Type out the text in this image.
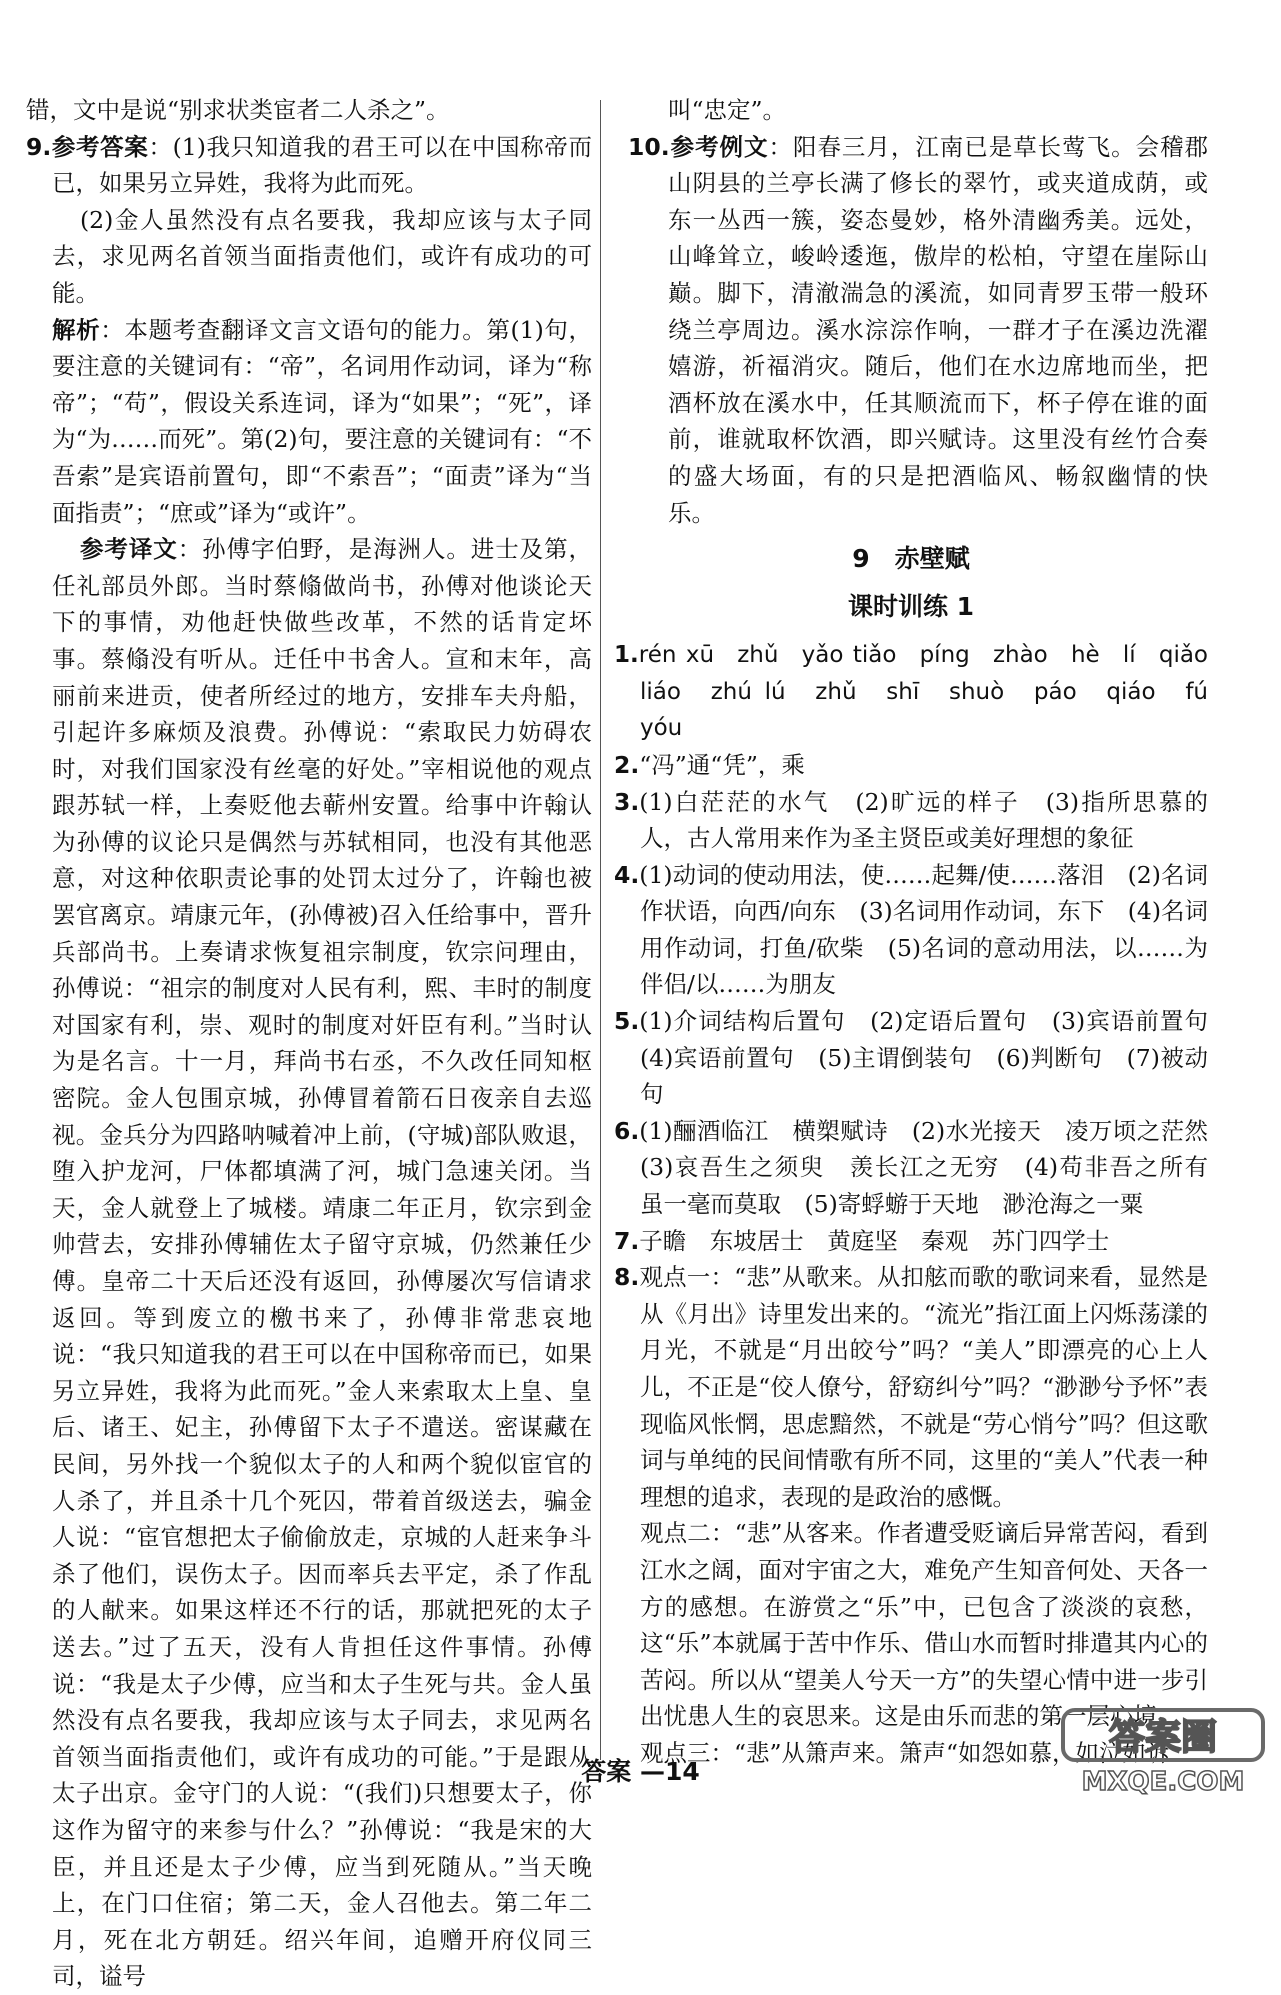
错，文中是说“别求状类宦者二人杀之”。

9.参考答案：(1)我只知道我的君王可以在中国称帝而已，如果另立异姓，我将为此而死。

(2)金人虽然没有点名要我，我却应该与太子同去，求见两名首领当面指责他们，或许有成功的可能。

解析：本题考查翻译文言文语句的能力。第(1)句，要注意的关键词有：“帝”，名词用作动词，译为“称帝”；“苟”，假设关系连词，译为“如果”；“死”，译为“为……而死”。第(2)句，要注意的关键词有：“不吾索”是宾语前置句，即“不索吾”；“面责”译为“当面指责”；“庶或”译为“或许”。

参考译文：孙傅字伯野，是海洲人。进士及第，任礼部员外郎。当时蔡翛做尚书，孙傅对他谈论天下的事情，劝他赶快做些改革，不然的话肯定坏事。蔡翛没有听从。迁任中书舍人。宣和末年，高丽前来进贡，使者所经过的地方，安排车夫舟船，引起许多麻烦及浪费。孙傅说：“索取民力妨碍农时，对我们国家没有丝毫的好处。”宰相说他的观点跟苏轼一样，上奏贬他去蕲州安置。给事中许翰认为孙傅的议论只是偶然与苏轼相同，也没有其他恶意，对这种依职责论事的处罚太过分了，许翰也被罢官离京。靖康元年，(孙傅被)召入任给事中，晋升兵部尚书。上奏请求恢复祖宗制度，钦宗问理由，孙傅说：“祖宗的制度对人民有利，熙、丰时的制度对国家有利，崇、观时的制度对奸臣有利。”当时认为是名言。十一月，拜尚书右丞，不久改任同知枢密院。金人包围京城，孙傅冒着箭石日夜亲自去巡视。金兵分为四路呐喊着冲上前，(守城)部队败退，堕入护龙河，尸体都填满了河，城门急速关闭。当天，金人就登上了城楼。靖康二年正月，钦宗到金帅营去，安排孙傅辅佐太子留守京城，仍然兼任少傅。皇帝二十天后还没有返回，孙傅屡次写信请求返回。等到废立的檄书来了，孙傅非常悲哀地说：“我只知道我的君王可以在中国称帝而已，如果另立异姓，我将为此而死。”金人来索取太上皇、皇后、诸王、妃主，孙傅留下太子不遣送。密谋藏在民间，另外找一个貌似太子的人和两个貌似宦官的人杀了，并且杀十几个死囚，带着首级送去，骗金人说：“宦官想把太子偷偷放走，京城的人赶来争斗杀了他们，误伤太子。因而率兵去平定，杀了作乱的人献来。如果这样还不行的话，那就把死的太子送去。”过了五天，没有人肯担任这件事情。孙傅说：“我是太子少傅，应当和太子生死与共。金人虽然没有点名要我，我却应该与太子同去，求见两名首领当面指责他们，或许有成功的可能。”于是跟从太子出京。金守门的人说：“(我们)只想要太子，你这作为留守的来参与什么？”孙傅说：“我是宋的大臣，并且还是太子少傅，应当到死随从。”当天晚上，在门口住宿；第二天，金人召他去。第二年二月，死在北方朝廷。绍兴年间，追赠开府仪同三司，谥号

叫“忠定”。

10.参考例文：阳春三月，江南已是草长莺飞。会稽郡山阴县的兰亭长满了修长的翠竹，或夹道成荫，或东一丛西一簇，姿态曼妙，格外清幽秀美。远处，山峰耸立，峻岭逶迤，傲岸的松柏，守望在崖际山巅。脚下，清澈湍急的溪流，如同青罗玉带一般环绕兰亭周边。溪水淙淙作响，一群才子在溪边洗濯嬉游，祈福消灾。随后，他们在水边席地而坐，把酒杯放在溪水中，任其顺流而下，杯子停在谁的面前，谁就取杯饮酒，即兴赋诗。这里没有丝竹合奏的盛大场面，有的只是把酒临风、畅叙幽情的快乐。

9　赤壁赋
课时训练 1

1.rén xū　zhǔ　yǎo tiǎo　píng　zhào　hè　lí　qiǎo　liáo　zhú lú　zhǔ　shī　shuò　páo　qiáo　fú yóu

2.“冯”通“凭”，乘

3.(1)白茫茫的水气　(2)旷远的样子　(3)指所思慕的人，古人常用来作为圣主贤臣或美好理想的象征

4.(1)动词的使动用法，使……起舞/使……落泪　(2)名词作状语，向西/向东　(3)名词用作动词，东下　(4)名词用作动词，打鱼/砍柴　(5)名词的意动用法，以……为伴侣/以……为朋友

5.(1)介词结构后置句　(2)定语后置句　(3)宾语前置句　(4)宾语前置句　(5)主谓倒装句　(6)判断句　(7)被动句

6.(1)酾酒临江　横槊赋诗　(2)水光接天　凌万顷之茫然　(3)哀吾生之须臾　羡长江之无穷　(4)苟非吾之所有　虽一毫而莫取　(5)寄蜉蝣于天地　渺沧海之一粟

7.子瞻　东坡居士　黄庭坚　秦观　苏门四学士

8.观点一：“悲”从歌来。从扣舷而歌的歌词来看，显然是从《月出》诗里发出来的。“流光”指江面上闪烁荡漾的月光，不就是“月出皎兮”吗？“美人”即漂亮的心上人儿，不正是“佼人僚兮，舒窈纠兮”吗？“渺渺兮予怀”表现临风怅惘，思虑黯然，不就是“劳心悄兮”吗？但这歌词与单纯的民间情歌有所不同，这里的“美人”代表一种理想的追求，表现的是政治的感慨。

观点二：“悲”从客来。作者遭受贬谪后异常苦闷，看到江水之阔，面对宇宙之大，难免产生知音何处、天各一方的感想。在游赏之“乐”中，已包含了淡淡的哀愁，这“乐”本就属于苦中作乐、借山水而暂时排遣其内心的苦闷。所以从“望美人兮天一方”的失望心情中进一步引出忧患人生的哀思来。这是由乐而悲的第一层心境。

观点三：“悲”从箫声来。箫声“如怨如慕，如泣如诉

答案 —14
答案圈
MXQE.COM
